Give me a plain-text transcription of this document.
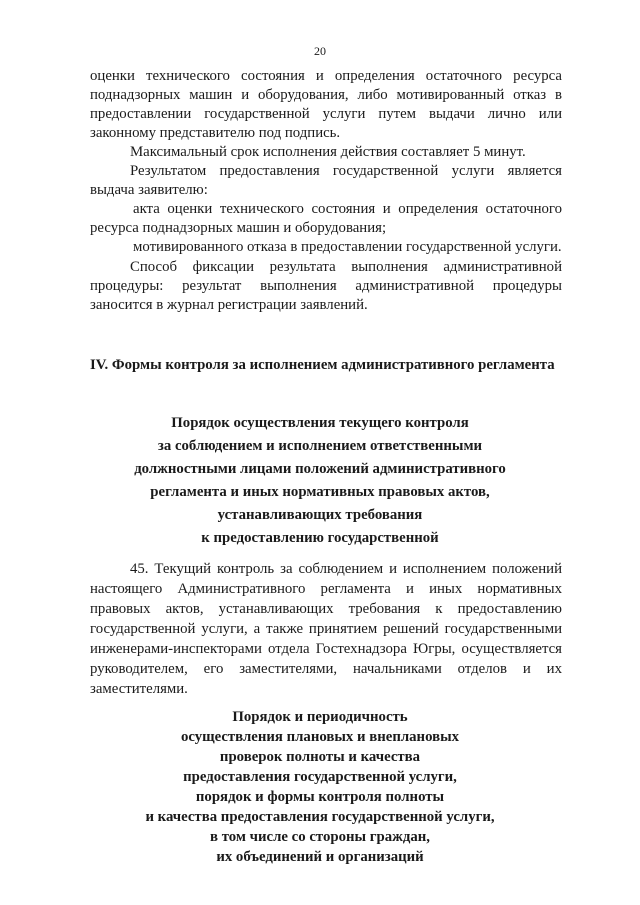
20
оценки технического состояния и определения остаточного ресурса
поднадзорных машин и оборудования, либо мотивированный отказ в
предоставлении государственной услуги путем выдачи лично или
законному представителю под подпись.
Максимальный срок исполнения действия составляет 5 минут.
Результатом предоставления государственной услуги является
выдача заявителю:
акта оценки технического состояния и определения остаточного
ресурса поднадзорных машин и оборудования;
мотивированного отказа в предоставлении государственной услуги.
Способ фиксации результата выполнения административной
процедуры: результат выполнения административной процедуры
заносится в журнал регистрации заявлений.
IV. Формы контроля за исполнением административного регламента
Порядок осуществления текущего контроля
за соблюдением и исполнением ответственными
должностными лицами положений административного
регламента и иных нормативных правовых актов,
устанавливающих требования
к предоставлению государственной
45. Текущий контроль за соблюдением и исполнением положений
настоящего Административного регламента и иных нормативных
правовых актов, устанавливающих требования к предоставлению
государственной услуги, а также принятием решений государственными
инженерами-инспекторами отдела Гостехнадзора Югры, осуществляется
руководителем, его заместителями, начальниками отделов и их
заместителями.
Порядок и периодичность
осуществления плановых и внеплановых
проверок полноты и качества
предоставления государственной услуги,
порядок и формы контроля полноты
и качества предоставления государственной услуги,
в том числе со стороны граждан,
их объединений и организаций
